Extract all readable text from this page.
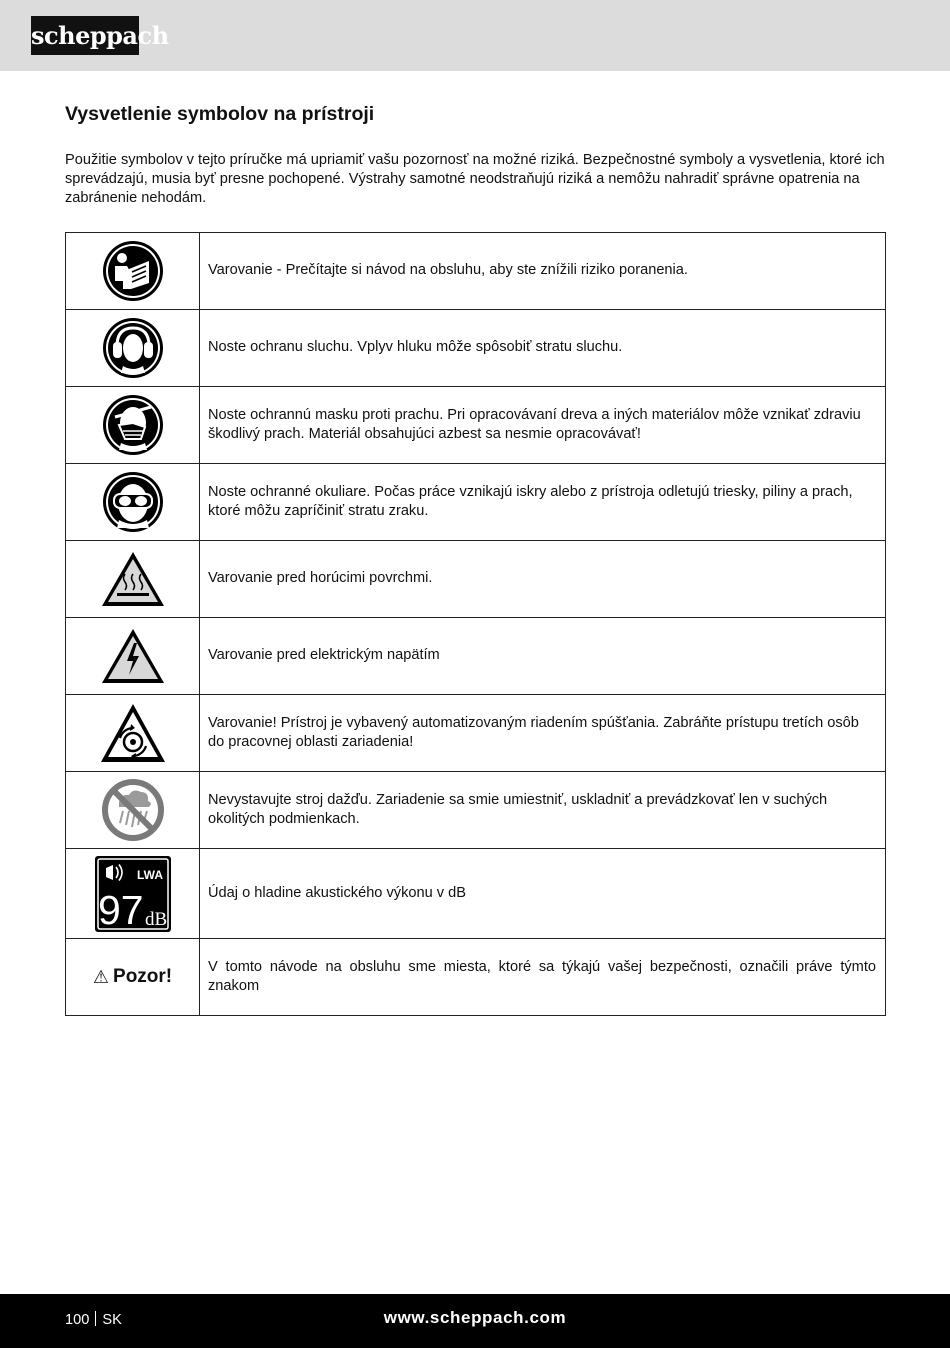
scheppach
Vysvetlenie symbolov na prístroji

Použitie symbolov v tejto príručke má upriamiť vašu pozornosť na možné riziká. Bezpečnostné symboly a vysvetlenia, ktoré ich sprevádzajú, musia byť presne pochopené. Výstrahy samotné neodstraňujú riziká a nemôžu nahradiť správne opatrenia na zabránenie nehodám.

	Varovanie - Prečítajte si návod na obsluhu, aby ste znížili riziko poranenia.

	Noste ochranu sluchu. Vplyv hluku môže spôsobiť stratu sluchu.

	Noste ochrannú masku proti prachu. Pri opracovávaní dreva a iných materiálov môže vznikať zdraviu škodlivý prach. Materiál obsahujúci azbest sa nesmie opracovávať!

	Noste ochranné okuliare. Počas práce vznikajú iskry alebo z prístroja odletujú triesky, piliny a prach, ktoré môžu zapríčiniť stratu zraku.

	Varovanie pred horúcimi povrchmi.

	Varovanie pred elektrickým napätím

	Varovanie! Prístroj je vybavený automatizovaným riadením spúšťania. Zabráňte prístupu tretích osôb do pracovnej oblasti zariadenia!

	Nevystavujte stroj dažďu. Zariadenie sa smie umiestniť, uskladniť a prevádzkovať len v suchých okolitých podmienkach.

LWA
97 dB	Údaj o hladine akustického výkonu v dB

⚠ Pozor!	V tomto návode na obsluhu sme miesta, ktoré sa týkajú vašej bezpečnosti, označili práve týmto znakom
100 SK	www.scheppach.com
